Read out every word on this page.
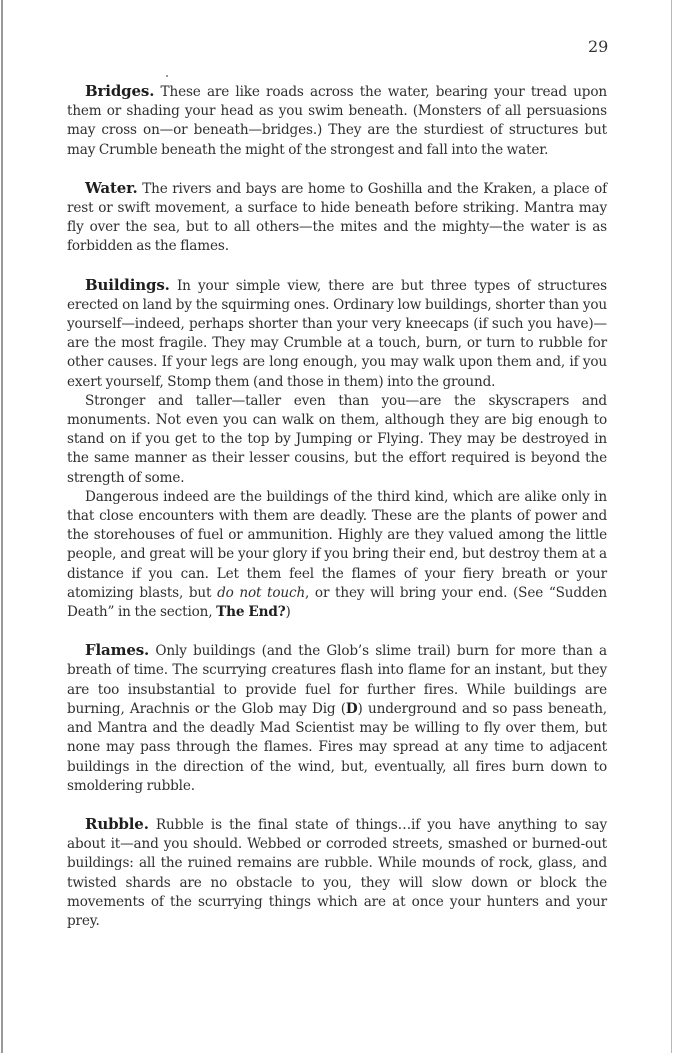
29

Bridges. These are like roads across the water, bearing your tread upon them or shading your head as you swim beneath. (Monsters of all persuasions may cross on—or beneath—bridges.) They are the sturdiest of structures but may Crumble beneath the might of the strongest and fall into the water.

Water. The rivers and bays are home to Goshilla and the Kraken, a place of rest or swift movement, a surface to hide beneath before striking. Mantra may fly over the sea, but to all others—the mites and the mighty—the water is as forbidden as the flames.

Buildings. In your simple view, there are but three types of structures erected on land by the squirming ones. Ordinary low buildings, shorter than you yourself—indeed, perhaps shorter than your very kneecaps (if such you have)—are the most fragile. They may Crumble at a touch, burn, or turn to rubble for other causes. If your legs are long enough, you may walk upon them and, if you exert yourself, Stomp them (and those in them) into the ground.

Stronger and taller—taller even than you—are the skyscrapers and monuments. Not even you can walk on them, although they are big enough to stand on if you get to the top by Jumping or Flying. They may be destroyed in the same manner as their lesser cousins, but the effort required is beyond the strength of some.

Dangerous indeed are the buildings of the third kind, which are alike only in that close encounters with them are deadly. These are the plants of power and the storehouses of fuel or ammunition. Highly are they valued among the little people, and great will be your glory if you bring their end, but destroy them at a distance if you can. Let them feel the flames of your fiery breath or your atomizing blasts, but do not touch, or they will bring your end. (See “Sudden Death” in the section, The End?)

Flames. Only buildings (and the Glob’s slime trail) burn for more than a breath of time. The scurrying creatures flash into flame for an instant, but they are too insubstantial to provide fuel for further fires. While buildings are burning, Arachnis or the Glob may Dig (D) underground and so pass beneath, and Mantra and the deadly Mad Scientist may be willing to fly over them, but none may pass through the flames. Fires may spread at any time to adjacent buildings in the direction of the wind, but, eventually, all fires burn down to smoldering rubble.

Rubble. Rubble is the final state of things…if you have anything to say about it—and you should. Webbed or corroded streets, smashed or burned-out buildings: all the ruined remains are rubble. While mounds of rock, glass, and twisted shards are no obstacle to you, they will slow down or block the movements of the scurrying things which are at once your hunters and your prey.
